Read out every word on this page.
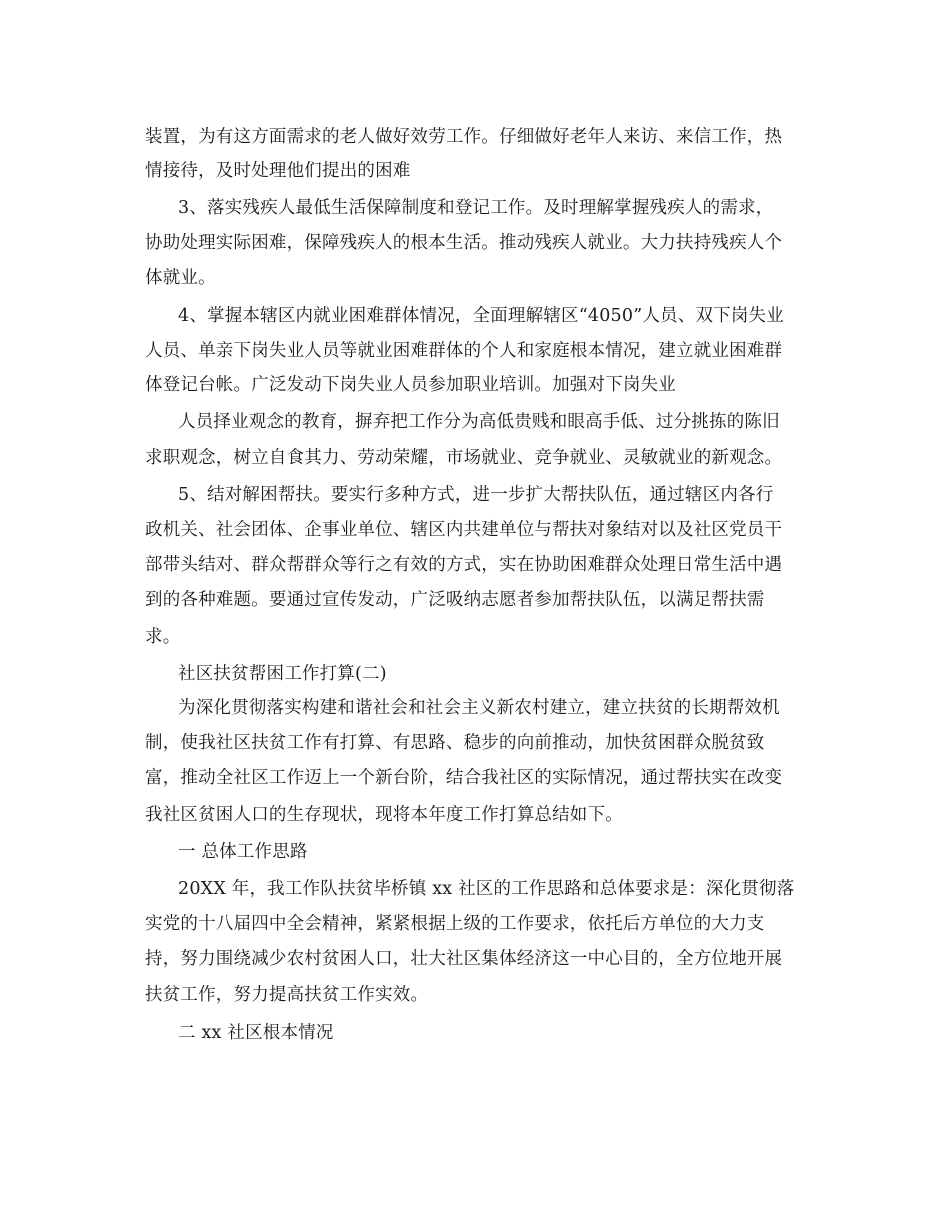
装置，为有这方面需求的老人做好效劳工作。仔细做好老年人来访、来信工作，热
情接待，及时处理他们提出的困难
3、落实残疾人最低生活保障制度和登记工作。及时理解掌握残疾人的需求，
协助处理实际困难，保障残疾人的根本生活。推动残疾人就业。大力扶持残疾人个
体就业。
4、掌握本辖区内就业困难群体情况，全面理解辖区“4050”人员、双下岗失业
人员、单亲下岗失业人员等就业困难群体的个人和家庭根本情况，建立就业困难群
体登记台帐。广泛发动下岗失业人员参加职业培训。加强对下岗失业
人员择业观念的教育，摒弃把工作分为高低贵贱和眼高手低、过分挑拣的陈旧
求职观念，树立自食其力、劳动荣耀，市场就业、竞争就业、灵敏就业的新观念。
5、结对解困帮扶。要实行多种方式，进一步扩大帮扶队伍，通过辖区内各行
政机关、社会团体、企事业单位、辖区内共建单位与帮扶对象结对以及社区党员干
部带头结对、群众帮群众等行之有效的方式，实在协助困难群众处理日常生活中遇
到的各种难题。要通过宣传发动，广泛吸纳志愿者参加帮扶队伍，以满足帮扶需
求。
社区扶贫帮困工作打算(二)
为深化贯彻落实构建和谐社会和社会主义新农村建立，建立扶贫的长期帮效机
制，使我社区扶贫工作有打算、有思路、稳步的向前推动，加快贫困群众脱贫致
富，推动全社区工作迈上一个新台阶，结合我社区的实际情况，通过帮扶实在改变
我社区贫困人口的生存现状，现将本年度工作打算总结如下。
一 总体工作思路
20XX 年，我工作队扶贫毕桥镇 xx 社区的工作思路和总体要求是：深化贯彻落
实党的十八届四中全会精神，紧紧根据上级的工作要求，依托后方单位的大力支
持，努力围绕减少农村贫困人口，壮大社区集体经济这一中心目的，全方位地开展
扶贫工作，努力提高扶贫工作实效。
二 xx 社区根本情况
